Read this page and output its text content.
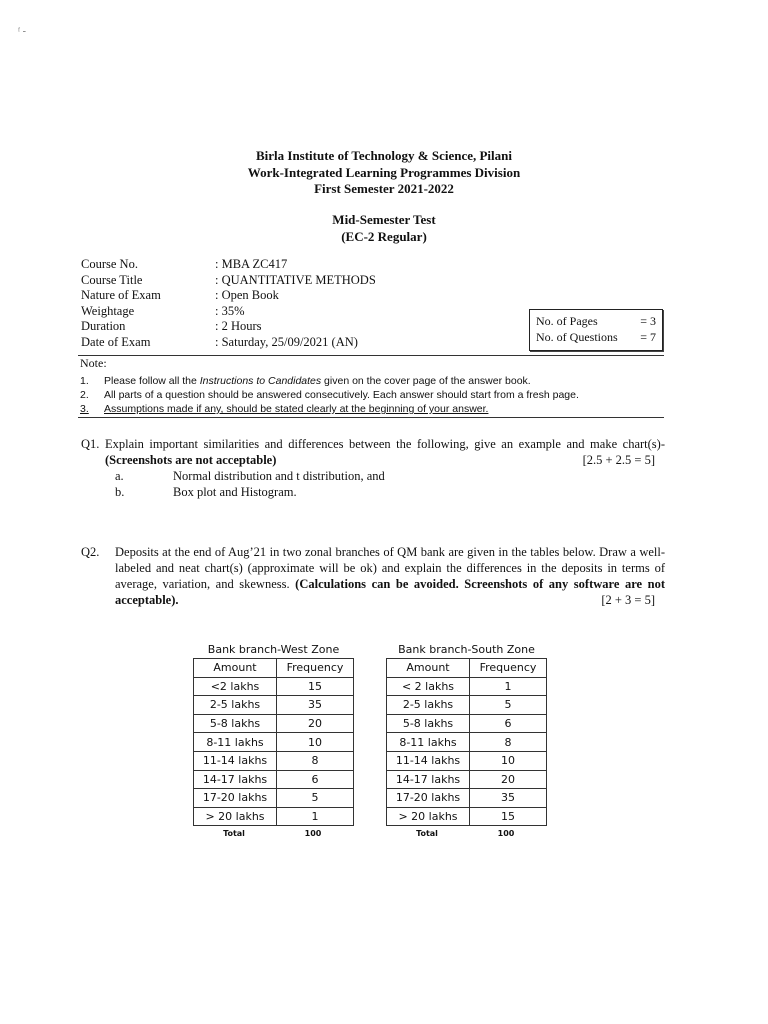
ᶠ -
Birla Institute of Technology & Science, Pilani
Work-Integrated Learning Programmes Division
First Semester 2021-2022
Mid-Semester Test
(EC-2 Regular)
Course No.	: MBA ZC417
Course Title	: QUANTITATIVE METHODS
Nature of Exam	: Open Book
Weightage	: 35%
Duration	: 2 Hours
Date of Exam	: Saturday, 25/09/2021 (AN)
No. of Pages	= 3
No. of Questions = 7
Note:
1.	Please follow all the Instructions to Candidates given on the cover page of the answer book.
2.	All parts of a question should be answered consecutively. Each answer should start from a fresh page.
3.	Assumptions made if any, should be stated clearly at the beginning of your answer.
Q1. Explain important similarities and differences between the following, give an example and make chart(s)- (Screenshots are not acceptable)	[2.5 + 2.5 = 5]
a.	Normal distribution and t distribution, and
b.	Box plot and Histogram.
Q2. Deposits at the end of Aug’21 in two zonal branches of QM bank are given in the tables below. Draw a well-labeled and neat chart(s) (approximate will be ok) and explain the differences in the deposits in terms of average, variation, and skewness. (Calculations can be avoided. Screenshots of any software are not acceptable).	[2 + 3 = 5]
Bank branch-West Zone
Amount	Frequency
<2 lakhs	15
2-5 lakhs	35
5-8 lakhs	20
8-11 lakhs	10
11-14 lakhs	8
14-17 lakhs	6
17-20 lakhs	5
> 20 lakhs	1
Total	100
Bank branch-South Zone
Amount	Frequency
< 2 lakhs	1
2-5 lakhs	5
5-8 lakhs	6
8-11 lakhs	8
11-14 lakhs	10
14-17 lakhs	20
17-20 lakhs	35
> 20 lakhs	15
Total	100
